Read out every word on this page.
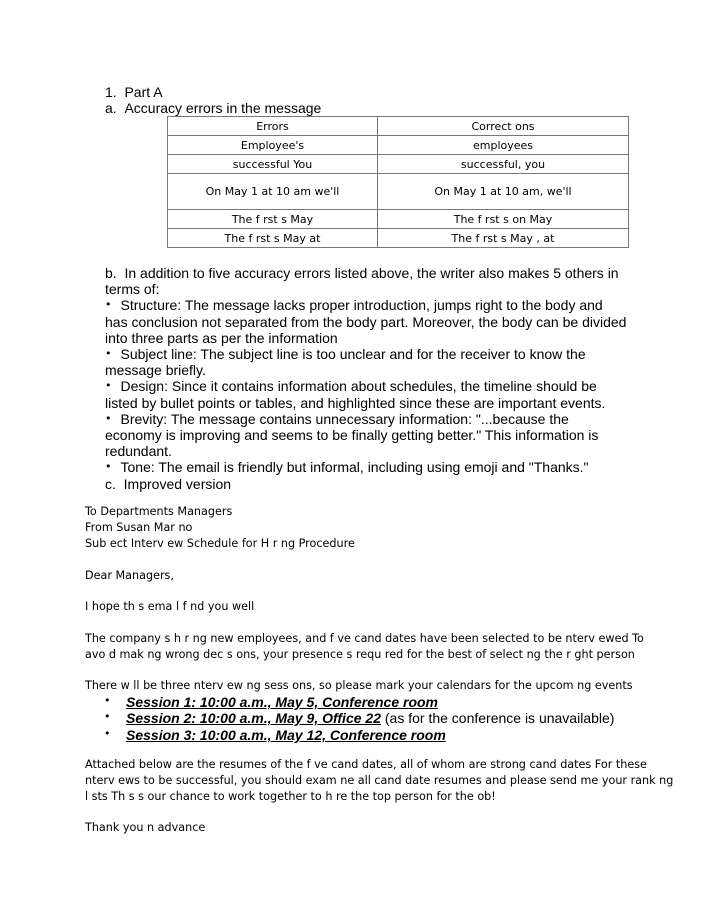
1. Part A
a. Accuracy errors in the message
Errors	Correct ons
Employee's	employees
successful You	successful, you
On May 1 at 10 am we'll	On May 1 at 10 am, we'll
The f rst s May	The f rst s on May
The f rst s May at	The f rst s May , at
b. In addition to five accuracy errors listed above, the writer also makes 5 others in
terms of:
• Structure: The message lacks proper introduction, jumps right to the body and
has conclusion not separated from the body part. Moreover, the body can be divided
into three parts as per the information
• Subject line: The subject line is too unclear and for the receiver to know the
message briefly.
• Design: Since it contains information about schedules, the timeline should be
listed by bullet points or tables, and highlighted since these are important events.
• Brevity: The message contains unnecessary information: "...because the
economy is improving and seems to be finally getting better." This information is
redundant.
• Tone: The email is friendly but informal, including using emoji and "Thanks."
c. Improved version
To Departments Managers
From Susan Mar no
Sub ect Interv ew Schedule for H r ng Procedure
Dear Managers,
I hope th s ema l f nd you well
The company s h r ng new employees, and f ve cand dates have been selected to be nterv ewed To
avo d mak ng wrong dec s ons, your presence s requ red for the best of select ng the r ght person
There w ll be three nterv ew ng sess ons, so please mark your calendars for the upcom ng events
• Session 1: 10:00 a.m., May 5, Conference room
• Session 2: 10:00 a.m., May 9, Office 22 (as for the conference is unavailable)
• Session 3: 10:00 a.m., May 12, Conference room
Attached below are the resumes of the f ve cand dates, all of whom are strong cand dates For these
nterv ews to be successful, you should exam ne all cand date resumes and please send me your rank ng
l sts Th s s our chance to work together to h re the top person for the ob!
Thank you n advance
